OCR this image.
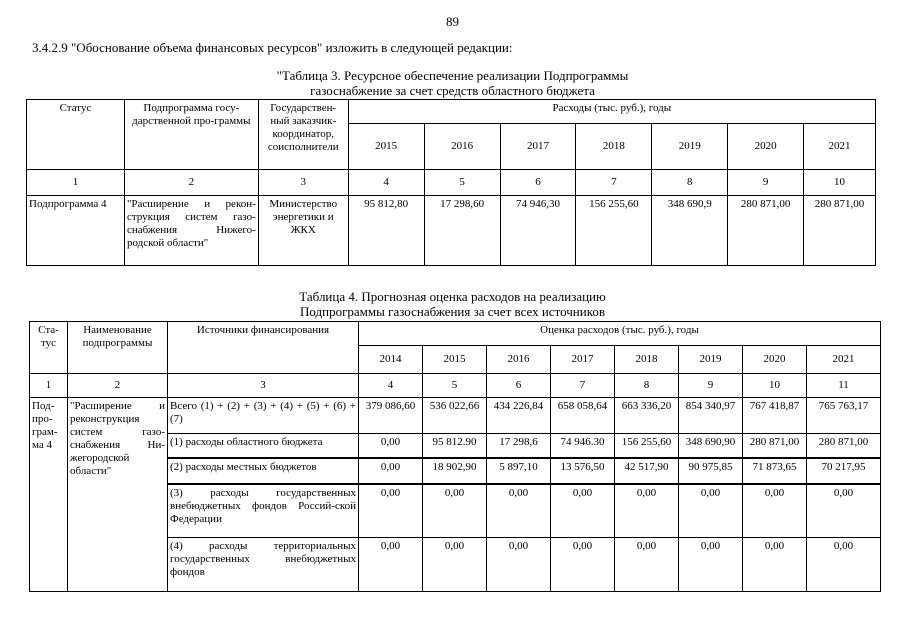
89
3.4.2.9 "Обоснование объема финансовых ресурсов" изложить в следующей редакции:
"Таблица 3. Ресурсное обеспечение реализации Подпрограммы
газоснабжение за счет средств областного бюджета
Статус	Подпрограмма госу-дарственной про-граммы	Государствен-ный заказчик-координатор, соисполнители	Расходы (тыс. руб.), годы						
			2015	2016	2017	2018	2019	2020	2021
1	2	3	4	5	6	7	8	9	10
Подпрограмма 4	"Расширение и рекон-струкция систем газо-снабжения Нижего-родской области"	Министерство энергетики и ЖКХ	95 812,80	17 298,60	74 946,30	156 255,60	348 690,9	280 871,00	280 871,00
Таблица 4. Прогнозная оценка расходов на реализацию
Подпрограммы газоснабжения за счет всех источников
Ста-тус	Наименование подпрограммы	Источники финансирования	Оценка расходов (тыс. руб.), годы							
			2014	2015	2016	2017	2018	2019	2020	2021
1	2	3	4	5	6	7	8	9	10	11
Под-про-грам-ма 4	"Расширение и реконструкция систем газо-снабжения Ни-жегородской области"	Всего (1) + (2) + (3) + (4) + (5) + (6) + (7)	379 086,60	536 022,66	434 226,84	658 058,64	663 336,20	854 340,97	767 418,87	765 763,17
		(1) расходы областного бюджета	0,00	95 812.90	17 298,6	74 946.30	156 255,60	348 690,90	280 871,00	280 871,00
		(2) расходы местных бюджетов	0,00	18 902,90	5 897,10	13 576,50	42 517,90	90 975,85	71 873,65	70 217,95
		(3) расходы государственных внебюджетных фондов Россий-ской Федерации	0,00	0,00	0,00	0,00	0,00	0,00	0,00	0,00
		(4) расходы территориальных государственных внебюджетных фондов	0,00	0,00	0,00	0,00	0,00	0,00	0,00	0,00
